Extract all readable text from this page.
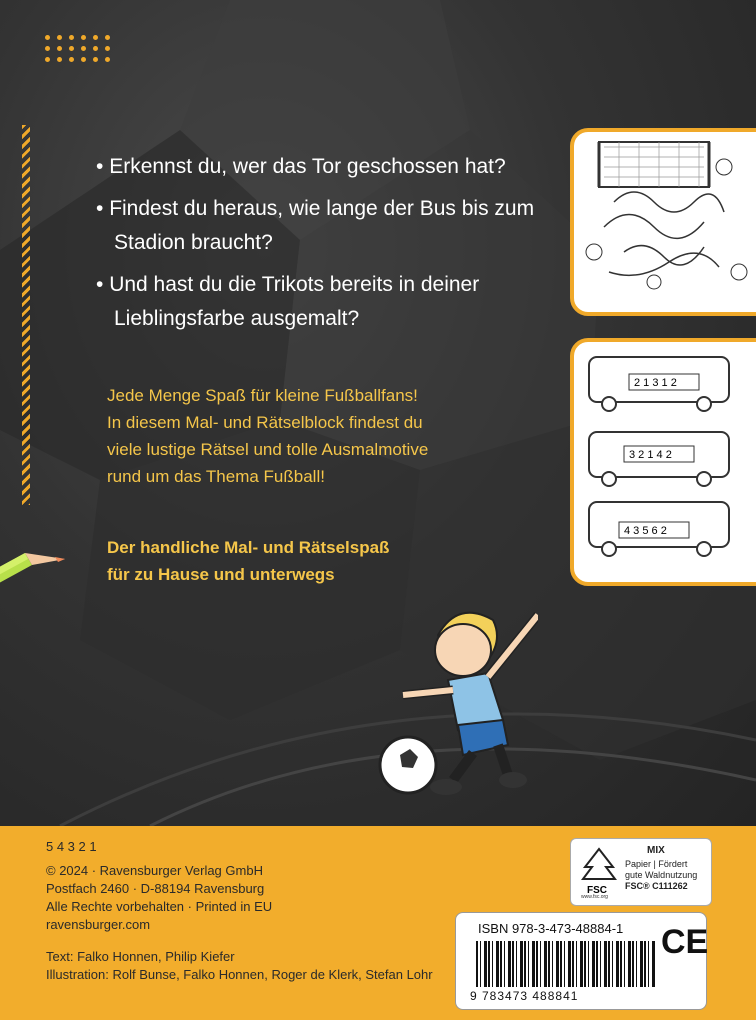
• Erkennst du, wer das Tor geschossen hat?
• Findest du heraus, wie lange der Bus bis zum Stadion braucht?
• Und hast du die Trikots bereits in deiner Lieblingsfarbe ausgemalt?
Jede Menge Spaß für kleine Fußballfans!
In diesem Mal- und Rätselblock findest du
viele lustige Rätsel und tolle Ausmalmotive
rund um das Thema Fußball!
Der handliche Mal- und Rätselspaß
für zu Hause und unterwegs
2 1 3 1 2
3 2 1 4 2
4 3 5 6 2
5 4 3 2 1
© 2024 · Ravensburger Verlag GmbH
Postfach 2460 · D-88194 Ravensburg
Alle Rechte vorbehalten · Printed in EU
ravensburger.com
Text: Falko Honnen, Philip Kiefer
Illustration: Rolf Bunse, Falko Honnen, Roger de Klerk, Stefan Lohr
FSC
www.fsc.org
MIX
Papier | Fördert
gute Waldnutzung
FSC® C111262
ISBN 978-3-473-48884-1
9 783473 488841
CE
